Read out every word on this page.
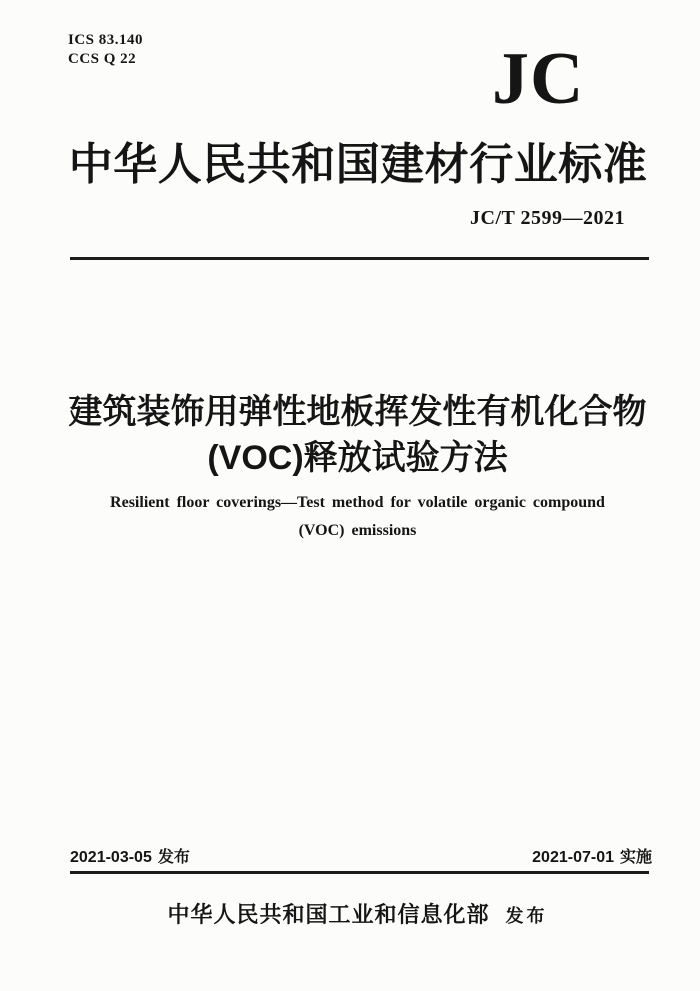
ICS 83.140
CCS Q 22	JC
中华人民共和国建材行业标准
JC/T 2599—2021
建筑装饰用弹性地板挥发性有机化合物
(VOC)释放试验方法
Resilient floor coverings—Test method for volatile organic compound
(VOC) emissions
2021-03-05 发布	2021-07-01 实施
中华人民共和国工业和信息化部 发布
